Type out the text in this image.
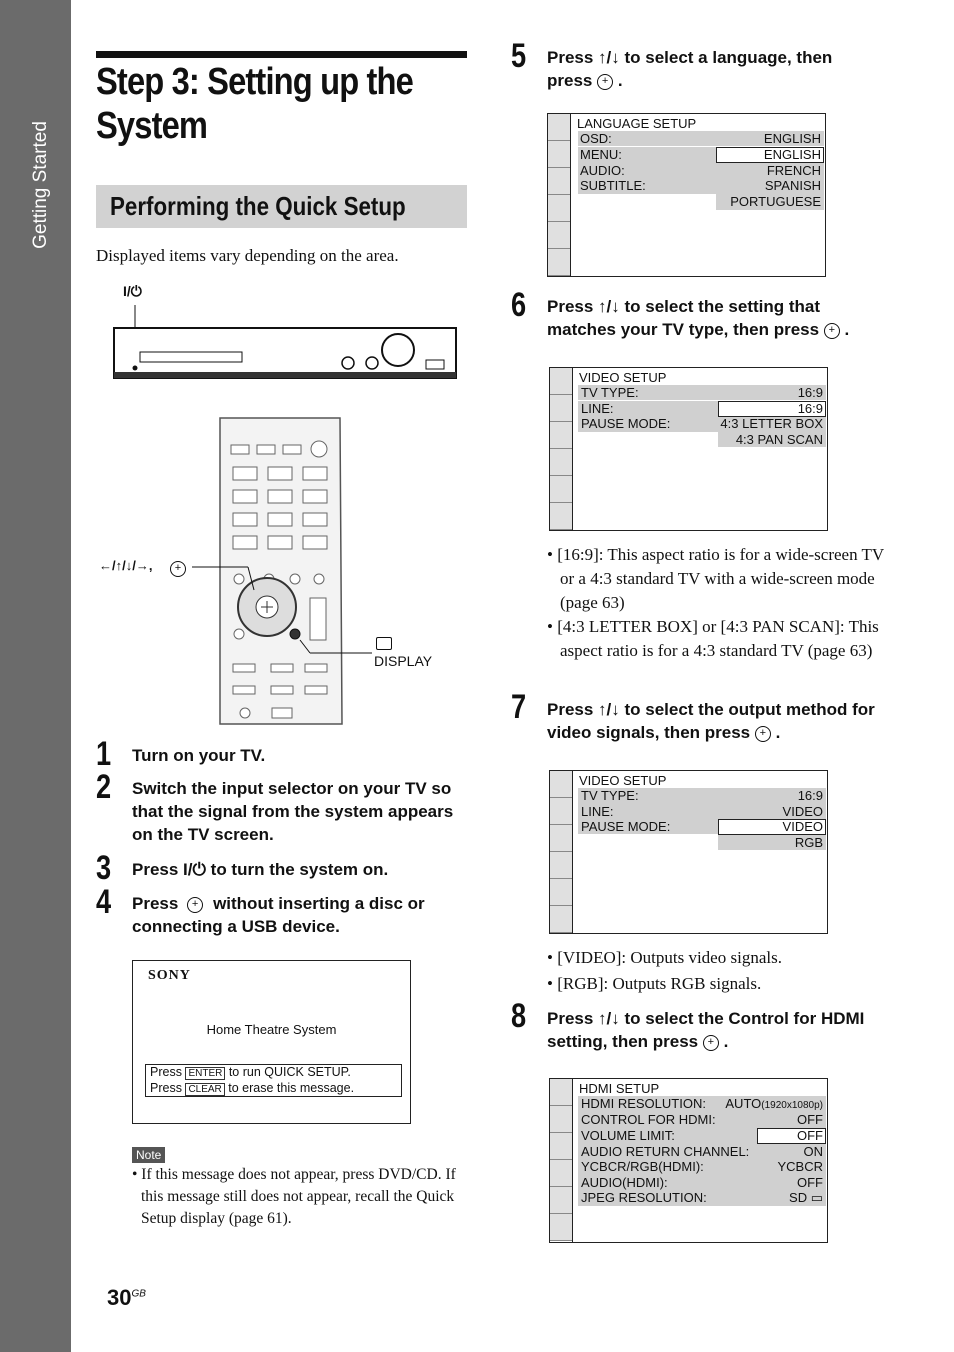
Getting Started
Step 3: Setting up the System
Performing the Quick Setup
Displayed items vary depending on the area.
I/⏻
←/↑/↓/→,	+
DISPLAY
1 Turn on your TV.
2 Switch the input selector on your TV so that the signal from the system appears on the TV screen.
3 Press I/⏻ to turn the system on.
4 Press + without inserting a disc or connecting a USB device.
SONY
Home Theatre System
Press ENTER to run QUICK SETUP.
Press CLEAR to erase this message.
Note
• If this message does not appear, press DVD/CD. If this message still does not appear, recall the Quick Setup display (page 61).
$30^{GB}$
5 Press ↑/↓ to select a language, then press + .
LANGUAGE SETUP
OSD:	ENGLISH
MENU:	ENGLISH
AUDIO:	FRENCH
SUBTITLE:	SPANISH
PORTUGUESE
6 Press ↑/↓ to select the setting that matches your TV type, then press + .
VIDEO SETUP
TV TYPE:	16:9
LINE:	16:9
PAUSE MODE:	4:3 LETTER BOX
4:3 PAN SCAN
• [16:9]: This aspect ratio is for a wide-screen TV or a 4:3 standard TV with a wide-screen mode (page 63)
• [4:3 LETTER BOX] or [4:3 PAN SCAN]: This aspect ratio is for a 4:3 standard TV (page 63)
7 Press ↑/↓ to select the output method for video signals, then press + .
VIDEO SETUP
TV TYPE:	16:9
LINE:	VIDEO
PAUSE MODE:	VIDEO
RGB
• [VIDEO]: Outputs video signals.
• [RGB]: Outputs RGB signals.
8 Press ↑/↓ to select the Control for HDMI setting, then press + .
HDMI SETUP
HDMI RESOLUTION: AUTO(1920x1080p)
CONTROL FOR HDMI:	OFF
VOLUME LIMIT:	OFF
AUDIO RETURN CHANNEL:	ON
YCBCR/RGB(HDMI):	YCBCR
AUDIO(HDMI):	OFF
JPEG RESOLUTION:	SD ▭
